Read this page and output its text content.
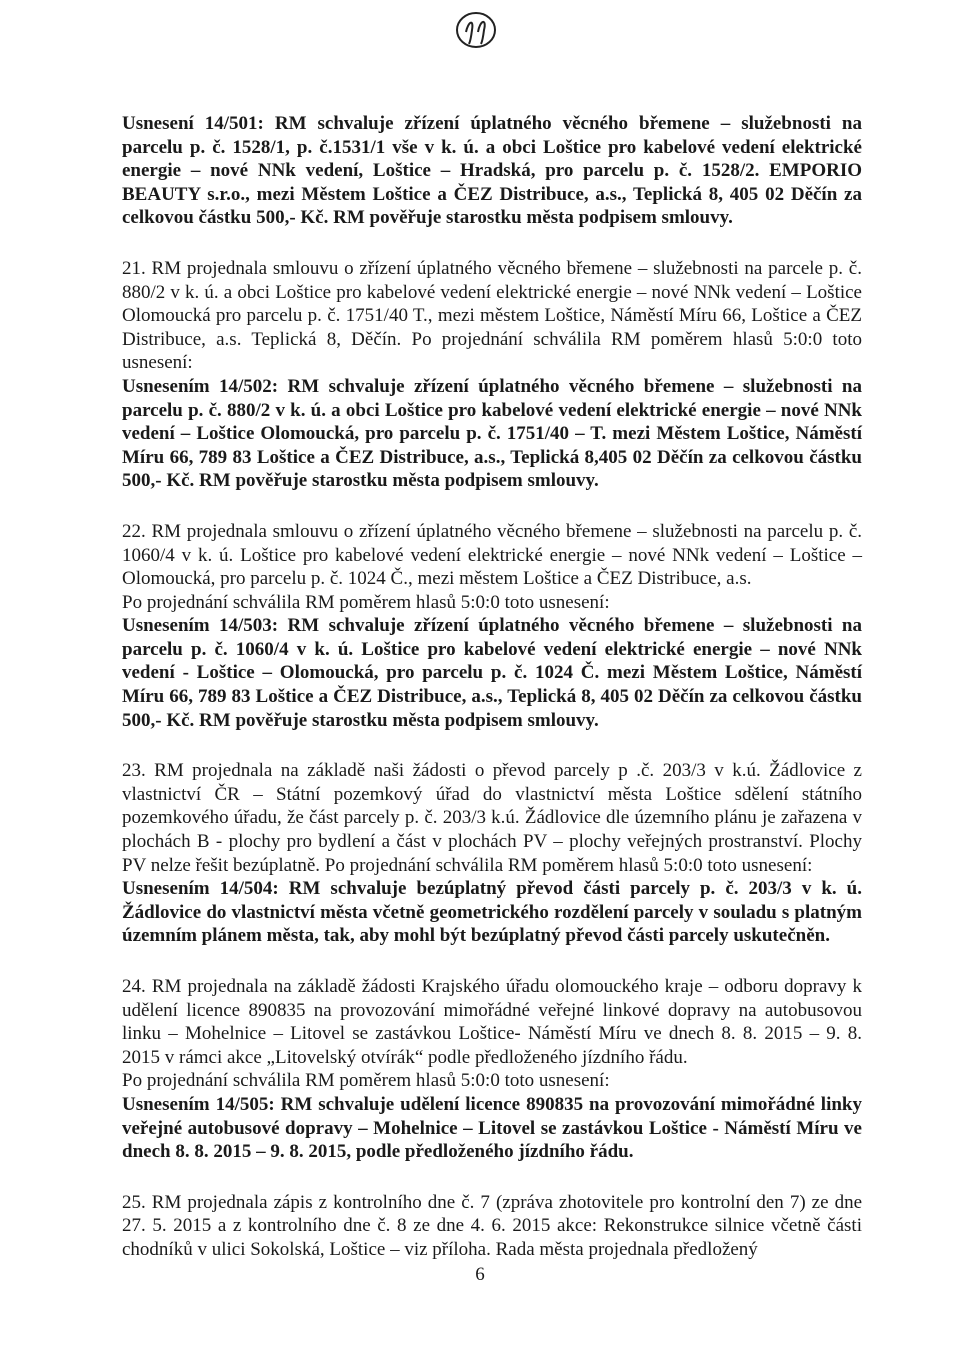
Usnesení 14/501: RM schvaluje zřízení úplatného věcného břemene – služebnosti na parcelu p. č. 1528/1, p. č.1531/1 vše v k. ú. a obci Loštice pro kabelové vedení elektrické energie – nové NNk vedení, Loštice – Hradská, pro parcelu p. č. 1528/2. EMPORIO BEAUTY s.r.o., mezi Městem Loštice a ČEZ Distribuce, a.s., Teplická 8, 405 02 Děčín za celkovou částku 500,- Kč. RM pověřuje starostku města podpisem smlouvy.

21. RM projednala smlouvu o zřízení úplatného věcného břemene – služebnosti na parcele p. č. 880/2 v k. ú. a obci Loštice pro kabelové vedení elektrické energie – nové NNk vedení – Loštice Olomoucká pro parcelu p. č. 1751/40 T., mezi městem Loštice, Náměstí Míru 66, Loštice a ČEZ Distribuce, a.s. Teplická 8, Děčín. Po projednání schválila RM poměrem hlasů 5:0:0 toto usnesení:

Usnesením 14/502: RM schvaluje zřízení úplatného věcného břemene – služebnosti na parcelu p. č. 880/2 v k. ú. a obci Loštice pro kabelové vedení elektrické energie – nové NNk vedení – Loštice Olomoucká, pro parcelu p. č. 1751/40 – T. mezi Městem Loštice, Náměstí Míru 66, 789 83 Loštice a ČEZ Distribuce, a.s., Teplická 8,405 02 Děčín za celkovou částku 500,- Kč. RM pověřuje starostku města podpisem smlouvy.

22. RM projednala smlouvu o zřízení úplatného věcného břemene – služebnosti na parcelu p. č. 1060/4 v k. ú. Loštice pro kabelové vedení elektrické energie – nové NNk vedení – Loštice – Olomoucká, pro parcelu p. č. 1024 Č., mezi městem Loštice a ČEZ Distribuce, a.s.
Po projednání schválila RM poměrem hlasů 5:0:0 toto usnesení:

Usnesením 14/503: RM schvaluje zřízení úplatného věcného břemene – služebnosti na parcelu p. č. 1060/4 v k. ú. Loštice pro kabelové vedení elektrické energie – nové NNk vedení - Loštice – Olomoucká, pro parcelu p. č. 1024 Č. mezi Městem Loštice, Náměstí Míru 66, 789 83 Loštice a ČEZ Distribuce, a.s., Teplická 8, 405 02 Děčín za celkovou částku 500,- Kč. RM pověřuje starostku města podpisem smlouvy.

23. RM projednala na základě naši žádosti o převod parcely p .č. 203/3 v k.ú. Žádlovice z vlastnictví ČR – Státní pozemkový úřad do vlastnictví města Loštice sdělení státního pozemkového úřadu, že část parcely p. č. 203/3 k.ú. Žádlovice dle územního plánu je zařazena v plochách B - plochy pro bydlení a část v plochách PV – plochy veřejných prostranství. Plochy PV nelze řešit bezúplatně. Po projednání schválila RM poměrem hlasů 5:0:0 toto usnesení:

Usnesením 14/504: RM schvaluje bezúplatný převod části parcely p. č. 203/3 v k. ú. Žádlovice do vlastnictví města včetně geometrického rozdělení parcely v souladu s platným územním plánem města, tak, aby mohl být bezúplatný převod části parcely uskutečněn.

24. RM projednala na základě žádosti Krajského úřadu olomouckého kraje – odboru dopravy k udělení licence 890835 na provozování mimořádné veřejné linkové dopravy na autobusovou linku – Mohelnice – Litovel se zastávkou Loštice- Náměstí Míru ve dnech 8. 8. 2015 – 9. 8. 2015 v rámci akce „Litovelský otvírák“ podle předloženého jízdního řádu.
Po projednání schválila RM poměrem hlasů 5:0:0 toto usnesení:

Usnesením 14/505: RM schvaluje udělení licence 890835 na provozování mimořádné linky veřejné autobusové dopravy – Mohelnice – Litovel se zastávkou Loštice - Náměstí Míru ve dnech 8. 8. 2015 – 9. 8. 2015, podle předloženého jízdního řádu.

25. RM projednala zápis z kontrolního dne č. 7 (zpráva zhotovitele pro kontrolní den 7) ze dne 27. 5. 2015 a z kontrolního dne č. 8 ze dne 4. 6. 2015 akce: Rekonstrukce silnice včetně části chodníků v ulici Sokolská, Loštice – viz příloha. Rada města projednala předložený

6
